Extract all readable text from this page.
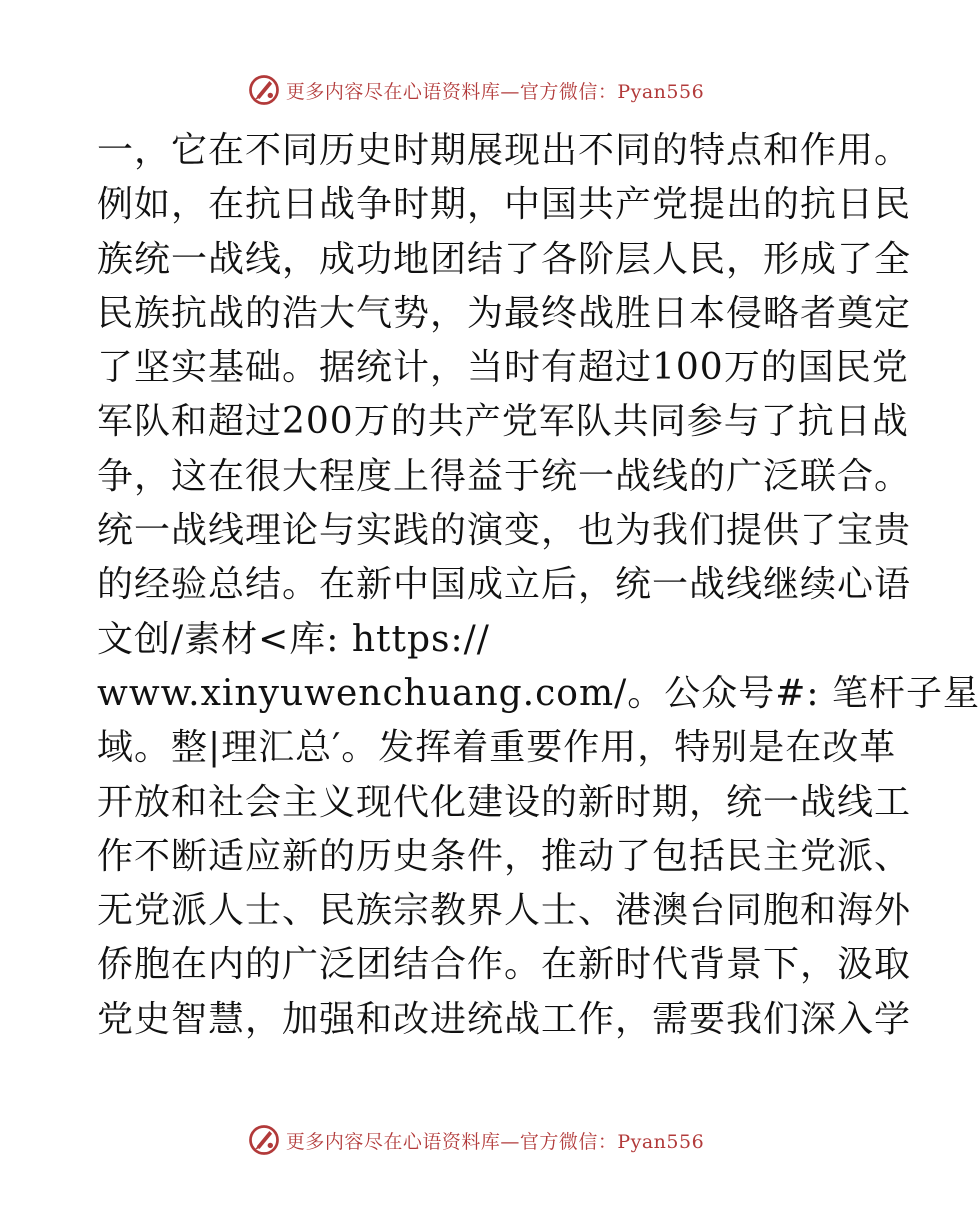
更多内容尽在心语资料库—官方微信：Pyan556
一，它在不同历史时期展现出不同的特点和作用。
例如，在抗日战争时期，中国共产党提出的抗日民
族统一战线，成功地团结了各阶层人民，形成了全
民族抗战的浩大气势，为最终战胜日本侵略者奠定
了坚实基础。据统计，当时有超过100万的国民党
军队和超过200万的共产党军队共同参与了抗日战
争，这在很大程度上得益于统一战线的广泛联合。
统一战线理论与实践的演变，也为我们提供了宝贵
的经验总结。在新中国成立后，统一战线继续心语
文创/素材<库: https://
www.xinyuwenchuang.com/。公众号#: 笔杆子星
域。整|理汇总′。发挥着重要作用，特别是在改革
开放和社会主义现代化建设的新时期，统一战线工
作不断适应新的历史条件，推动了包括民主党派、
无党派人士、民族宗教界人士、港澳台同胞和海外
侨胞在内的广泛团结合作。在新时代背景下，汲取
党史智慧，加强和改进统战工作，需要我们深入学
更多内容尽在心语资料库—官方微信：Pyan556
